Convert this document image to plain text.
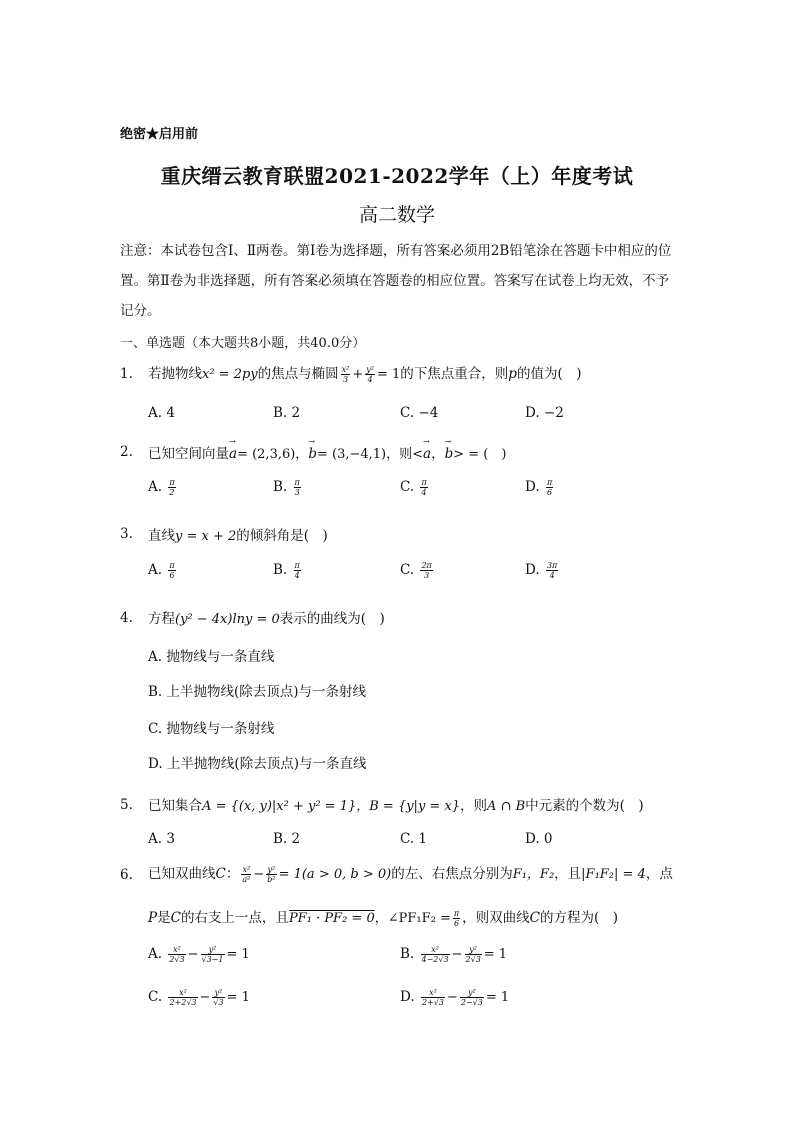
绝密★启用前
重庆缙云教育联盟2021-2022学年（上）年度考试
高二数学
注意：本试卷包含Ⅰ、Ⅱ两卷。第Ⅰ卷为选择题，所有答案必须用2B铅笔涂在答题卡中相应的位置。第Ⅱ卷为非选择题，所有答案必须填在答题卷的相应位置。答案写在试卷上均无效，不予记分。
一、单选题（本大题共8小题，共40.0分）
1. 若抛物线x² = 2py的焦点与椭圆 $\frac{\text{x²}}{3} + \frac{\text{y²}}{4} = 1$的下焦点重合，则p的值为(　)
A. 4	B. 2	C. −4	D. −2
2. 已知空间向量→ a= (2,3,6)，→ b= (3,−4,1)，则<→ a，→ b> = (　)
A. $\frac{\pi}{2}$	B. $\frac{\pi}{3}$	C. $\frac{\pi}{4}$	D. $\frac{\pi}{6}$
3. 直线y = x + 2的倾斜角是(　)
A. $\frac{\pi}{6}$	B. $\frac{\pi}{4}$	C. $\frac{2\pi}{3}$	D. $\frac{3\pi}{4}$
4. 方程(y² − 4x)lny = 0表示的曲线为(　)
A. 抛物线与一条直线
B. 上半抛物线(除去顶点)与一条射线
C. 抛物线与一条射线
D. 上半抛物线(除去顶点)与一条直线
5. 已知集合A = {(x, y)|x² + y² = 1}，B = {y|y = x}，则A ∩ B中元素的个数为(　)
A. 3	B. 2	C. 1	D. 0
6. 已知双曲线C： $\frac{\text{x²}}{\text{a²}} - \frac{\text{y²}}{\text{b²}} = 1(a > 0$, b > 0)的左、右焦点分别为F₁，F₂，且|F₁F₂| = 4，点
P是C的右支上一点，且PF₁ · PF₂ = 0，∠PF₁F₂ = $\frac{\pi}{6}$ ，则双曲线C的方程为(　)
A. $\frac{\text{x²}}{2√3} - \frac{\text{y²}}{√3-1} = 1$	B. $\frac{\text{x²}}{4-2√3} - \frac{\text{y²}}{2√3} = 1$
C. $\frac{\text{x²}}{2+2√3} - \frac{\text{y²}}{√3} = 1$	D. $\frac{\text{x²}}{2+√3} - \frac{\text{y²}}{2-√3} = 1$
